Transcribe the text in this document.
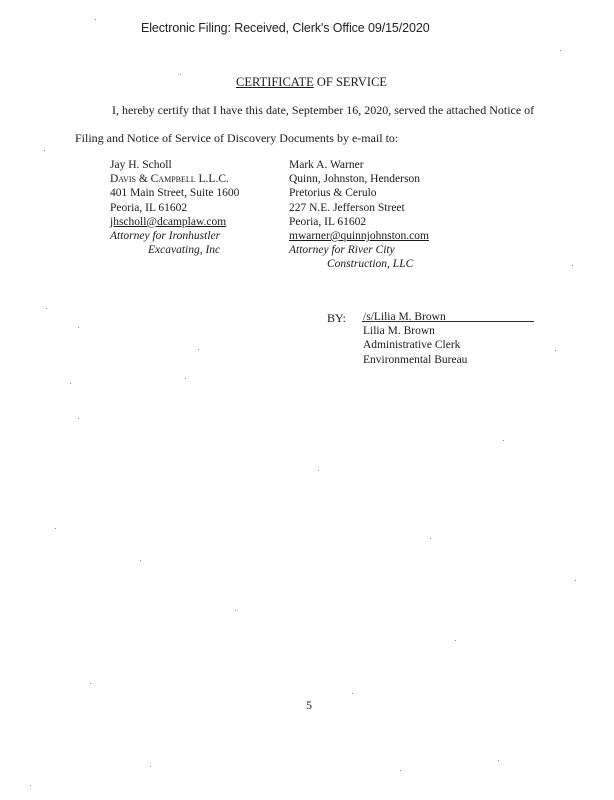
Electronic Filing: Received, Clerk's Office 09/15/2020
CERTIFICATE OF SERVICE
I, hereby certify that I have this date, September 16, 2020, served the attached Notice of
Filing and Notice of Service of Discovery Documents by e-mail to:
Jay H. Scholl
Davis & Campbell L.L.C.
401 Main Street, Suite 1600
Peoria, IL 61602
jhscholl@dcamplaw.com
Attorney for Ironhustler
Excavating, Inc
Mark A. Warner
Quinn, Johnston, Henderson
Pretorius & Cerulo
227 N.E. Jefferson Street
Peoria, IL 61602
mwarner@quinnjohnston.com
Attorney for River City
Construction, LLC
BY: /s/Lilia M. Brown
Lilia M. Brown
Administrative Clerk
Environmental Bureau
5
